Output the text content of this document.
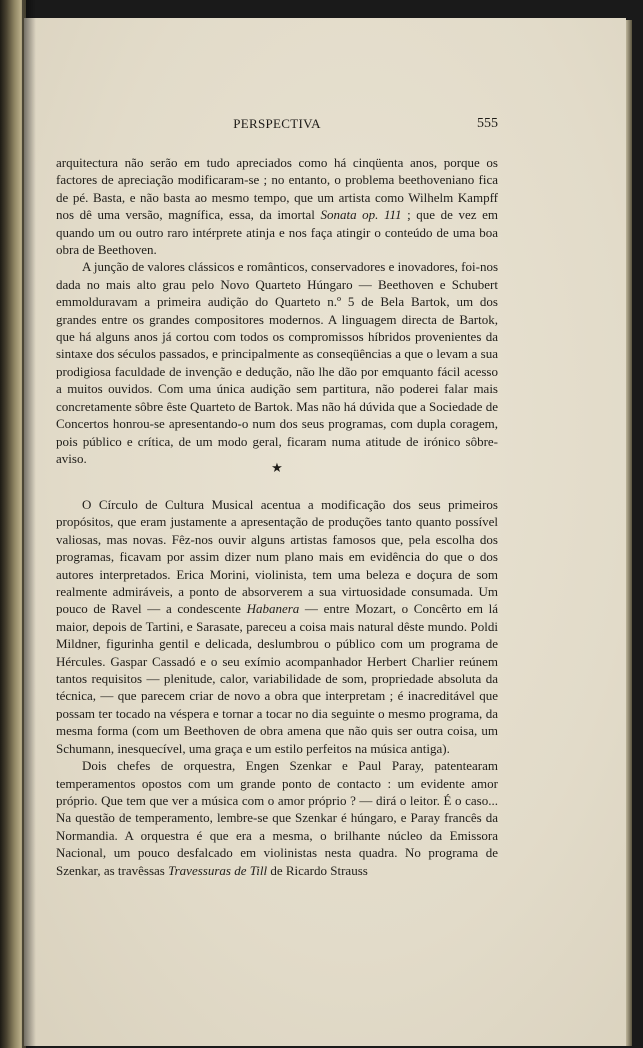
PERSPECTIVA	555

arquitectura não serão em tudo apreciados como há cinqüenta anos, porque os factores de apreciação modificaram-se ; no entanto, o problema beethoveniano fica de pé. Basta, e não basta ao mesmo tempo, que um artista como Wilhelm Kampff nos dê uma versão, magnífica, essa, da imortal Sonata op. 111 ; que de vez em quando um ou outro raro intérprete atinja e nos faça atingir o conteúdo de uma boa obra de Beethoven.

A junção de valores clássicos e românticos, conservadores e inovadores, foi-nos dada no mais alto grau pelo Novo Quarteto Húngaro — Beethoven e Schubert emmolduravam a primeira audição do Quarteto n.º 5 de Bela Bartok, um dos grandes entre os grandes compositores modernos. A linguagem directa de Bartok, que há alguns anos já cortou com todos os compromissos híbridos provenientes da sintaxe dos séculos passados, e principalmente as conseqüências a que o levam a sua prodigiosa faculdade de invenção e dedução, não lhe dão por emquanto fácil acesso a muitos ouvidos. Com uma única audição sem partitura, não poderei falar mais concretamente sôbre êste Quarteto de Bartok. Mas não há dúvida que a Sociedade de Concertos honrou-se apresentando-o num dos seus programas, com dupla coragem, pois público e crítica, de um modo geral, ficaram numa atitude de irónico sôbre-aviso.

★

O Círculo de Cultura Musical acentua a modificação dos seus primeiros propósitos, que eram justamente a apresentação de produções tanto quanto possível valiosas, mas novas. Fêz-nos ouvir alguns artistas famosos que, pela escolha dos programas, ficavam por assim dizer num plano mais em evidência do que o dos autores interpretados. Erica Morini, violinista, tem uma beleza e doçura de som realmente admiráveis, a ponto de absorverem a sua virtuosidade consumada. Um pouco de Ravel — a condescente Habanera — entre Mozart, o Concêrto em lá maior, depois de Tartini, e Sarasate, pareceu a coisa mais natural dêste mundo. Poldi Mildner, figurinha gentil e delicada, deslumbrou o público com um programa de Hércules. Gaspar Cassadó e o seu exímio acompanhador Herbert Charlier reúnem tantos requisitos — plenitude, calor, variabilidade de som, propriedade absoluta da técnica, — que parecem criar de novo a obra que interpretam ; é inacreditável que possam ter tocado na véspera e tornar a tocar no dia seguinte o mesmo programa, da mesma forma (com um Beethoven de obra amena que não quis ser outra coisa, um Schumann, inesquecível, uma graça e um estilo perfeitos na música antiga).

Dois chefes de orquestra, Engen Szenkar e Paul Paray, patentearam temperamentos opostos com um grande ponto de contacto : um evidente amor próprio. Que tem que ver a música com o amor próprio ? — dirá o leitor. É o caso... Na questão de temperamento, lembre-se que Szenkar é húngaro, e Paray francês da Normandia. A orquestra é que era a mesma, o brilhante núcleo da Emissora Nacional, um pouco desfalcado em violinistas nesta quadra. No programa de Szenkar, as travêssas Travessuras de Till de Ricardo Strauss
